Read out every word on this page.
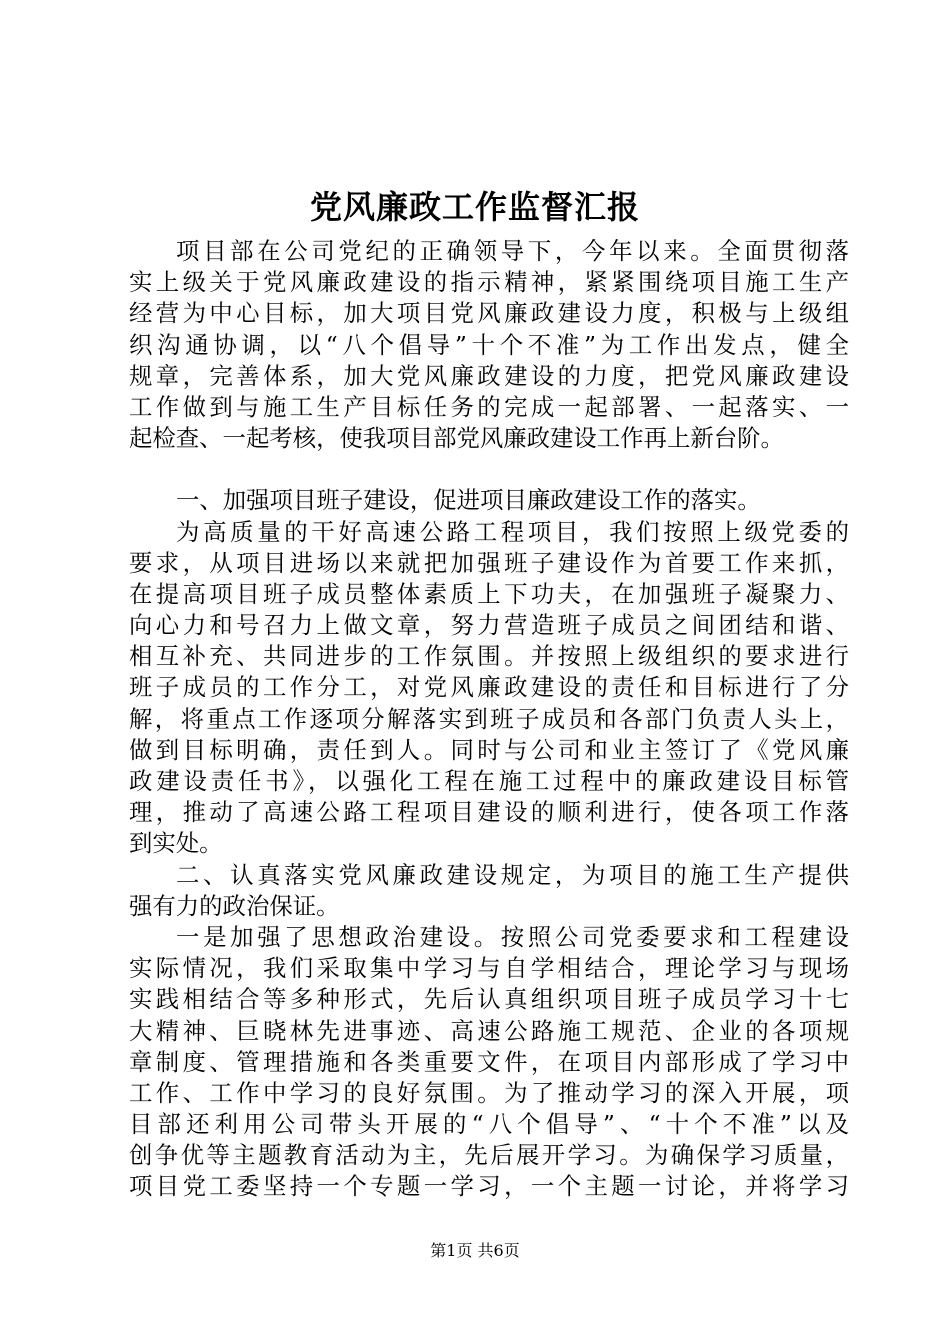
党风廉政工作监督汇报
项目部在公司党纪的正确领导下，今年以来。全面贯彻落
实上级关于党风廉政建设的指示精神，紧紧围绕项目施工生产
经营为中心目标，加大项目党风廉政建设力度，积极与上级组
织沟通协调，以“八个倡导”十个不准”为工作出发点，健全
规章，完善体系，加大党风廉政建设的力度，把党风廉政建设
工作做到与施工生产目标任务的完成一起部署、一起落实、一
起检查、一起考核，使我项目部党风廉政建设工作再上新台阶。
一、加强项目班子建设，促进项目廉政建设工作的落实。
为高质量的干好高速公路工程项目，我们按照上级党委的
要求，从项目进场以来就把加强班子建设作为首要工作来抓，
在提高项目班子成员整体素质上下功夫，在加强班子凝聚力、
向心力和号召力上做文章，努力营造班子成员之间团结和谐、
相互补充、共同进步的工作氛围。并按照上级组织的要求进行
班子成员的工作分工，对党风廉政建设的责任和目标进行了分
解，将重点工作逐项分解落实到班子成员和各部门负责人头上，
做到目标明确，责任到人。同时与公司和业主签订了《党风廉
政建设责任书》，以强化工程在施工过程中的廉政建设目标管
理，推动了高速公路工程项目建设的顺利进行，使各项工作落
到实处。
二、认真落实党风廉政建设规定，为项目的施工生产提供
强有力的政治保证。
一是加强了思想政治建设。按照公司党委要求和工程建设
实际情况，我们采取集中学习与自学相结合，理论学习与现场
实践相结合等多种形式，先后认真组织项目班子成员学习十七
大精神、巨晓林先进事迹、高速公路施工规范、企业的各项规
章制度、管理措施和各类重要文件，在项目内部形成了学习中
工作、工作中学习的良好氛围。为了推动学习的深入开展，项
目部还利用公司带头开展的“八个倡导”、“十个不准”以及
创争优等主题教育活动为主，先后展开学习。为确保学习质量，
项目党工委坚持一个专题一学习，一个主题一讨论，并将学习
第1页 共6页
